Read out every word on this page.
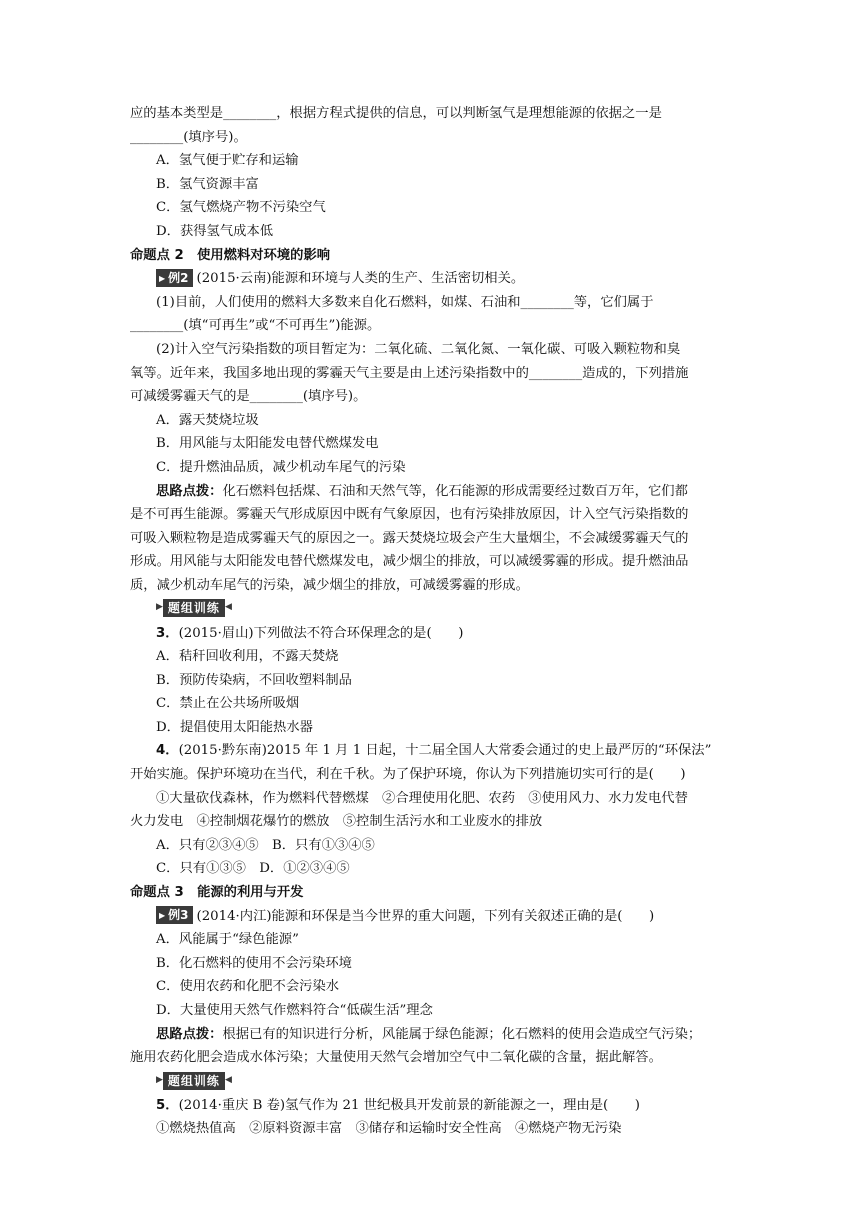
应的基本类型是________，根据方程式提供的信息，可以判断氢气是理想能源的依据之一是
________(填序号)。
A．氢气便于贮存和运输
B．氢气资源丰富
C．氢气燃烧产物不污染空气
D．获得氢气成本低
命题点 2　使用燃料对环境的影响
▶ 例2 (2015·云南)能源和环境与人类的生产、生活密切相关。
(1)目前，人们使用的燃料大多数来自化石燃料，如煤、石油和________等，它们属于
________(填“可再生”或“不可再生”)能源。
(2)计入空气污染指数的项目暂定为：二氧化硫、二氧化氮、一氧化碳、可吸入颗粒物和臭
氧等。近年来，我国多地出现的雾霾天气主要是由上述污染指数中的________造成的，下列措施
可减缓雾霾天气的是________(填序号)。
A．露天焚烧垃圾
B．用风能与太阳能发电替代燃煤发电
C．提升燃油品质，减少机动车尾气的污染
思路点拨：化石燃料包括煤、石油和天然气等，化石能源的形成需要经过数百万年，它们都
是不可再生能源。雾霾天气形成原因中既有气象原因，也有污染排放原因，计入空气污染指数的
可吸入颗粒物是造成雾霾天气的原因之一。露天焚烧垃圾会产生大量烟尘，不会减缓雾霾天气的
形成。用风能与太阳能发电替代燃煤发电，减少烟尘的排放，可以减缓雾霾的形成。提升燃油品
质，减少机动车尾气的污染，减少烟尘的排放，可减缓雾霾的形成。
▶ 题组训练 ◀
3．(2015·眉山)下列做法不符合环保理念的是(　　)
A．秸秆回收利用，不露天焚烧
B．预防传染病，不回收塑料制品
C．禁止在公共场所吸烟
D．提倡使用太阳能热水器
4．(2015·黔东南)2015 年 1 月 1 日起，十二届全国人大常委会通过的史上最严厉的“环保法”
开始实施。保护环境功在当代，利在千秋。为了保护环境，你认为下列措施切实可行的是(　　)
①大量砍伐森林，作为燃料代替燃煤　②合理使用化肥、农药　③使用风力、水力发电代替
火力发电　④控制烟花爆竹的燃放　⑤控制生活污水和工业废水的排放
A．只有②③④⑤　B．只有①③④⑤
C．只有①③⑤　D．①②③④⑤
命题点 3　能源的利用与开发
▶ 例3 (2014·内江)能源和环保是当今世界的重大问题，下列有关叙述正确的是(　　)
A．风能属于“绿色能源”
B．化石燃料的使用不会污染环境
C．使用农药和化肥不会污染水
D．大量使用天然气作燃料符合“低碳生活”理念
思路点拨：根据已有的知识进行分析，风能属于绿色能源；化石燃料的使用会造成空气污染；
施用农药化肥会造成水体污染；大量使用天然气会增加空气中二氧化碳的含量，据此解答。
▶ 题组训练 ◀
5．(2014·重庆 B 卷)氢气作为 21 世纪极具开发前景的新能源之一，理由是(　　)
①燃烧热值高　②原料资源丰富　③储存和运输时安全性高　④燃烧产物无污染
